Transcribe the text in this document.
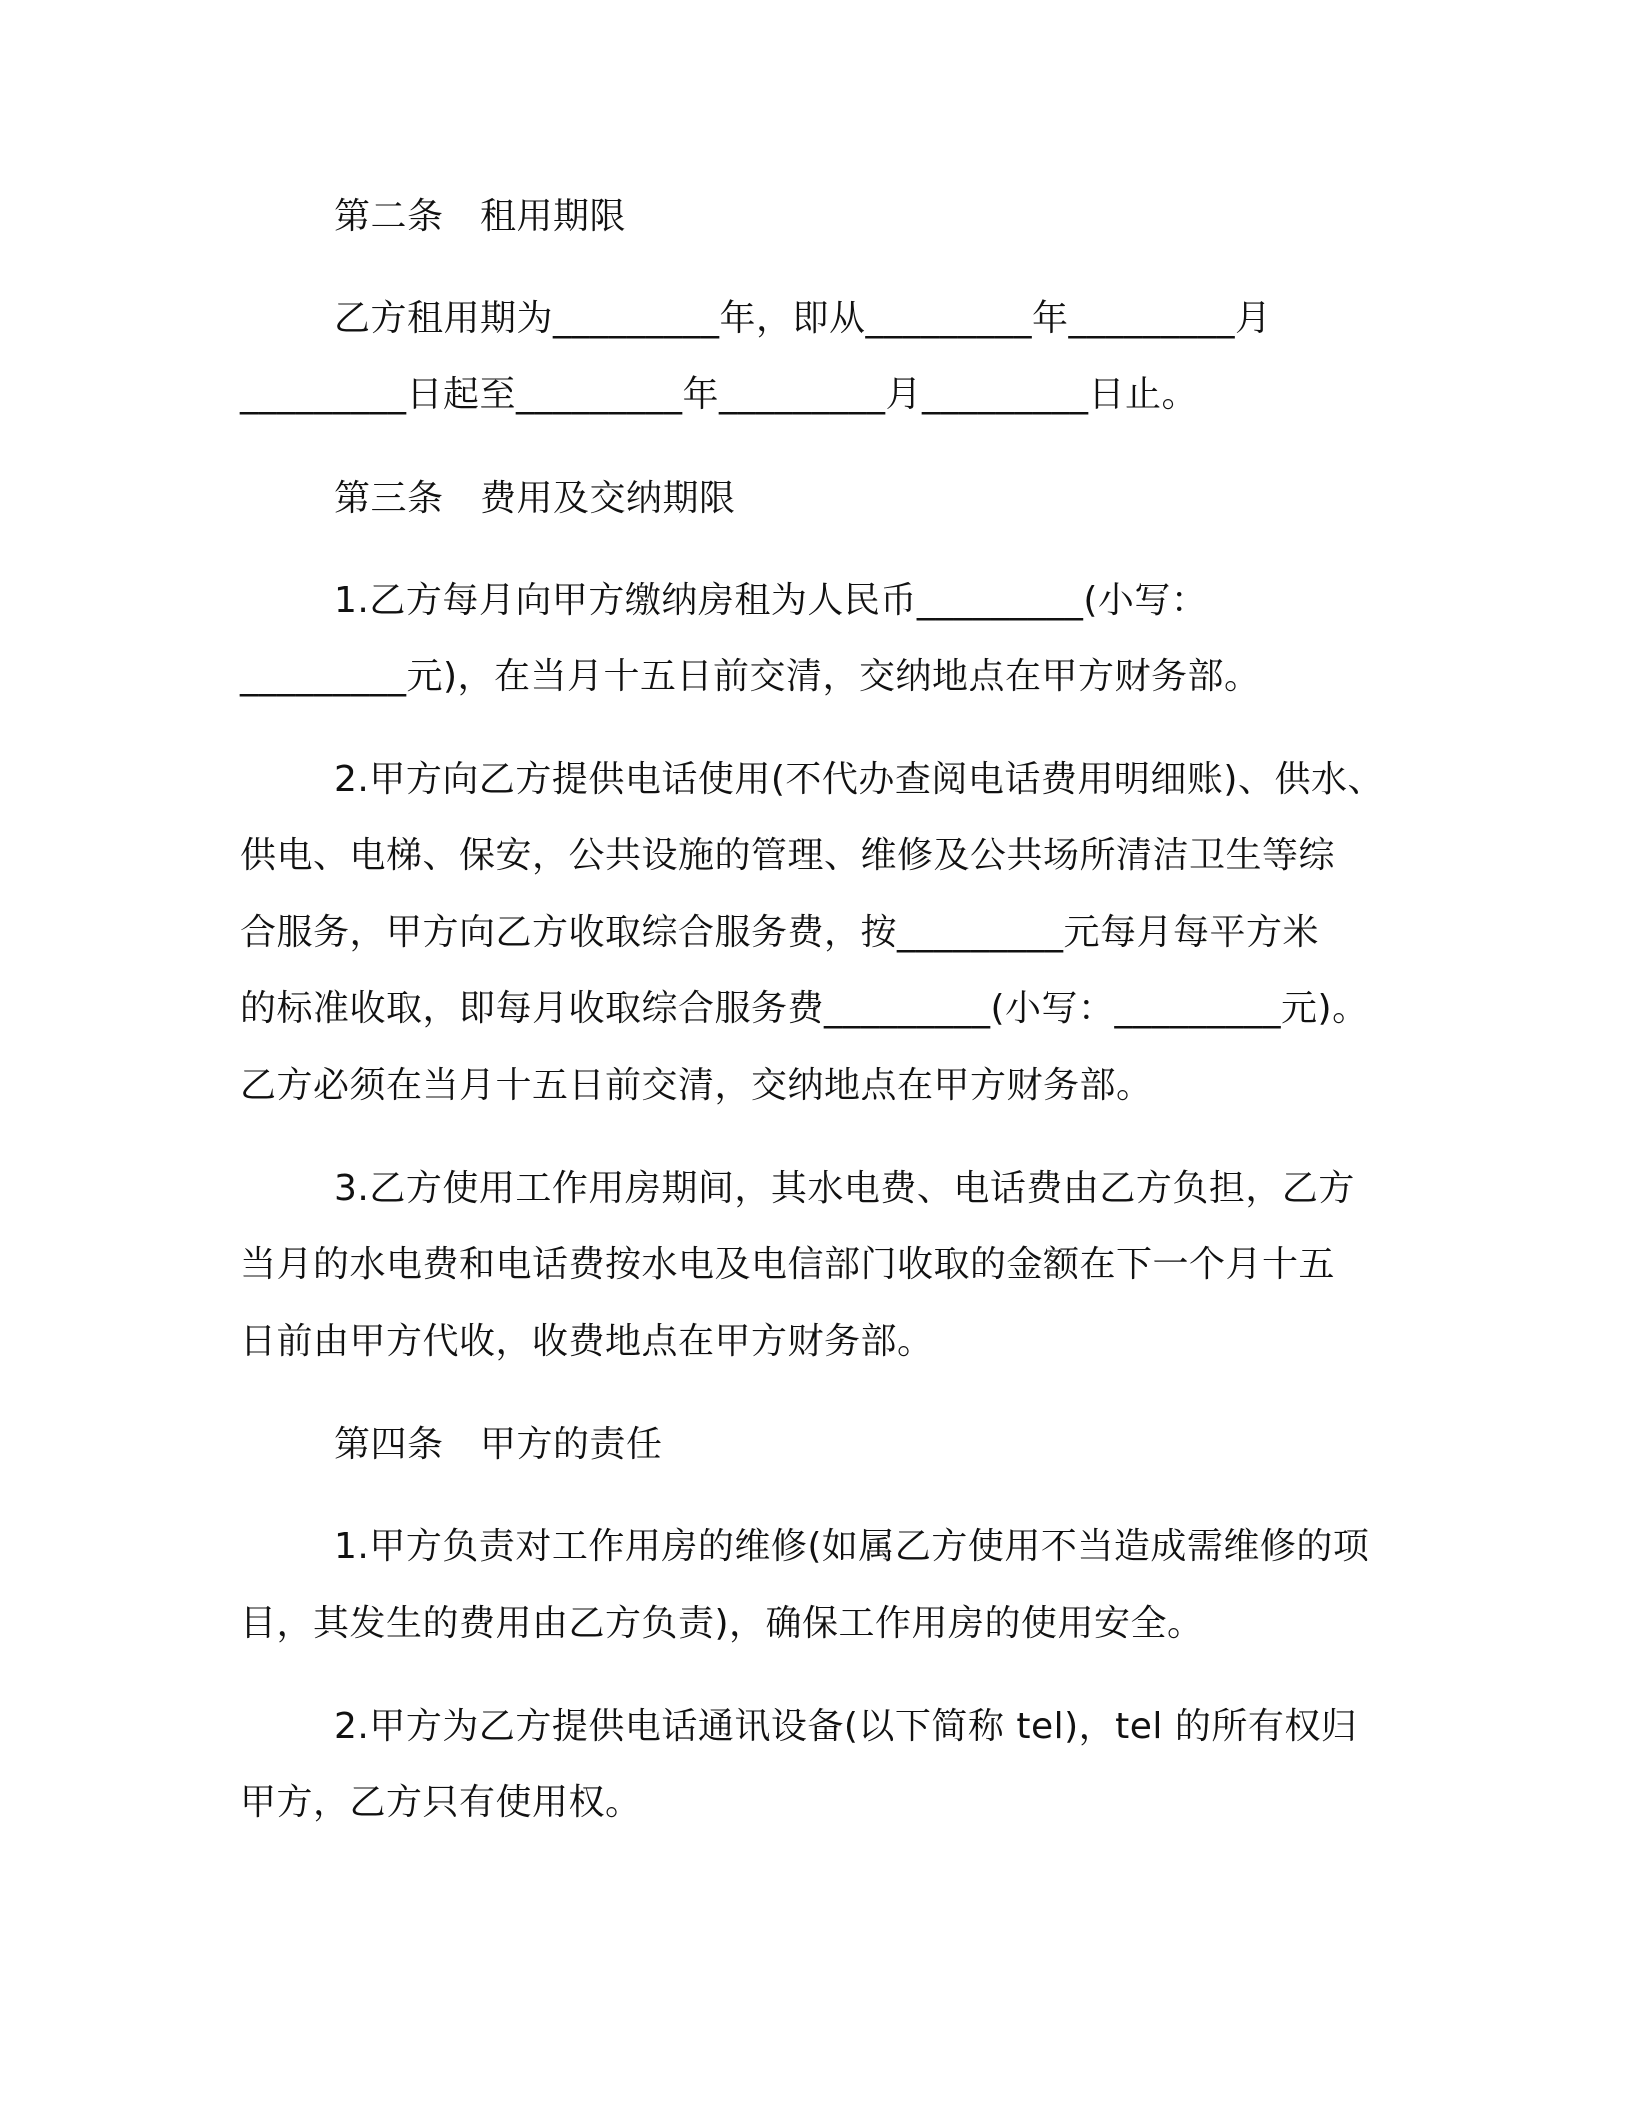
第二条　租用期限
乙方租用期为_________年，即从_________年_________月
_________日起至_________年_________月_________日止。
第三条　费用及交纳期限
1.乙方每月向甲方缴纳房租为人民币_________(小写：
_________元)，在当月十五日前交清，交纳地点在甲方财务部。
2.甲方向乙方提供电话使用(不代办查阅电话费用明细账)、供水、
供电、电梯、保安，公共设施的管理、维修及公共场所清洁卫生等综
合服务，甲方向乙方收取综合服务费，按_________元每月每平方米
的标准收取，即每月收取综合服务费_________(小写：_________元)。
乙方必须在当月十五日前交清，交纳地点在甲方财务部。
3.乙方使用工作用房期间，其水电费、电话费由乙方负担，乙方
当月的水电费和电话费按水电及电信部门收取的金额在下一个月十五
日前由甲方代收，收费地点在甲方财务部。
第四条　甲方的责任
1.甲方负责对工作用房的维修(如属乙方使用不当造成需维修的项
目，其发生的费用由乙方负责)，确保工作用房的使用安全。
2.甲方为乙方提供电话通讯设备(以下简称 tel)，tel 的所有权归
甲方，乙方只有使用权。
